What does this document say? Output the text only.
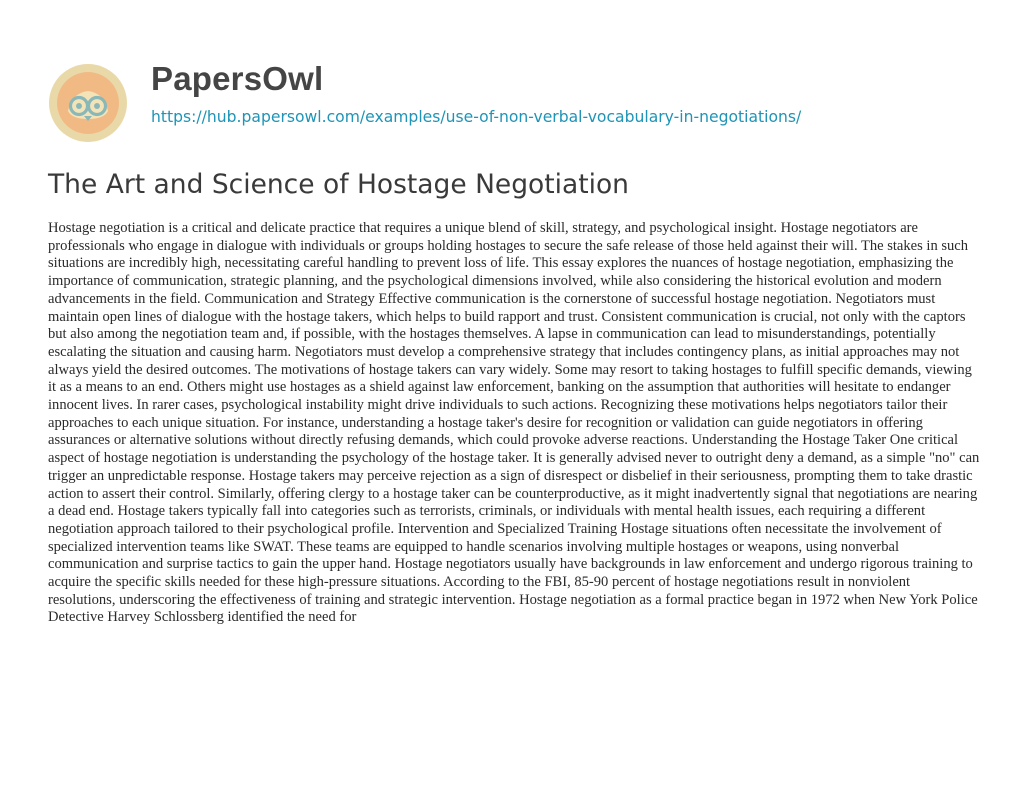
PapersOwl
https://hub.papersowl.com/examples/use-of-non-verbal-vocabulary-in-negotiations/
The Art and Science of Hostage Negotiation

Hostage negotiation is a critical and delicate practice that requires a unique blend of skill, strategy, and psychological insight. Hostage negotiators are professionals who engage in dialogue with individuals or groups holding hostages to secure the safe release of those held against their will. The stakes in such situations are incredibly high, necessitating careful handling to prevent loss of life. This essay explores the nuances of hostage negotiation, emphasizing the importance of communication, strategic planning, and the psychological dimensions involved, while also considering the historical evolution and modern advancements in the field. Communication and Strategy Effective communication is the cornerstone of successful hostage negotiation. Negotiators must maintain open lines of dialogue with the hostage takers, which helps to build rapport and trust. Consistent communication is crucial, not only with the captors but also among the negotiation team and, if possible, with the hostages themselves. A lapse in communication can lead to misunderstandings, potentially escalating the situation and causing harm. Negotiators must develop a comprehensive strategy that includes contingency plans, as initial approaches may not always yield the desired outcomes. The motivations of hostage takers can vary widely. Some may resort to taking hostages to fulfill specific demands, viewing it as a means to an end. Others might use hostages as a shield against law enforcement, banking on the assumption that authorities will hesitate to endanger innocent lives. In rarer cases, psychological instability might drive individuals to such actions. Recognizing these motivations helps negotiators tailor their approaches to each unique situation. For instance, understanding a hostage taker's desire for recognition or validation can guide negotiators in offering assurances or alternative solutions without directly refusing demands, which could provoke adverse reactions. Understanding the Hostage Taker One critical aspect of hostage negotiation is understanding the psychology of the hostage taker. It is generally advised never to outright deny a demand, as a simple "no" can trigger an unpredictable response. Hostage takers may perceive rejection as a sign of disrespect or disbelief in their seriousness, prompting them to take drastic action to assert their control. Similarly, offering clergy to a hostage taker can be counterproductive, as it might inadvertently signal that negotiations are nearing a dead end. Hostage takers typically fall into categories such as terrorists, criminals, or individuals with mental health issues, each requiring a different negotiation approach tailored to their psychological profile. Intervention and Specialized Training Hostage situations often necessitate the involvement of specialized intervention teams like SWAT. These teams are equipped to handle scenarios involving multiple hostages or weapons, using nonverbal communication and surprise tactics to gain the upper hand. Hostage negotiators usually have backgrounds in law enforcement and undergo rigorous training to acquire the specific skills needed for these high-pressure situations. According to the FBI, 85-90 percent of hostage negotiations result in nonviolent resolutions, underscoring the effectiveness of training and strategic intervention. Hostage negotiation as a formal practice began in 1972 when New York Police Detective Harvey Schlossberg identified the need for
